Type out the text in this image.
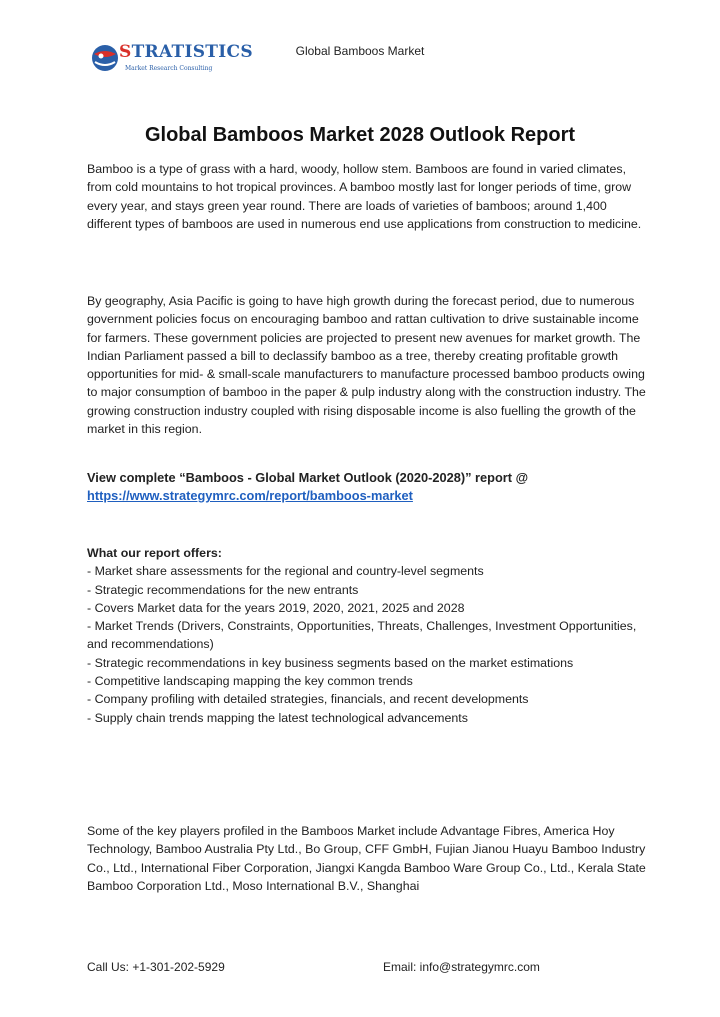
Global Bamboos Market
STRATISTICS
Market Research Consulting
Global Bamboos Market 2028 Outlook Report

Bamboo is a type of grass with a hard, woody, hollow stem. Bamboos are found in varied climates, from cold mountains to hot tropical provinces. A bamboo mostly last for longer periods of time, grow every year, and stays green year round. There are loads of varieties of bamboos; around 1,400 different types of bamboos are used in numerous end use applications from construction to medicine.

By geography, Asia Pacific is going to have high growth during the forecast period, due to numerous government policies focus on encouraging bamboo and rattan cultivation to drive sustainable income for farmers. These government policies are projected to present new avenues for market growth. The Indian Parliament passed a bill to declassify bamboo as a tree, thereby creating profitable growth opportunities for mid- & small-scale manufacturers to manufacture processed bamboo products owing to major consumption of bamboo in the paper & pulp industry along with the construction industry. The growing construction industry coupled with rising disposable income is also fuelling the growth of the market in this region.

View complete “Bamboos - Global Market Outlook (2020-2028)” report @

https://www.strategymrc.com/report/bamboos-market

What our report offers:

- Market share assessments for the regional and country-level segments

- Strategic recommendations for the new entrants

- Covers Market data for the years 2019, 2020, 2021, 2025 and 2028

- Market Trends (Drivers, Constraints, Opportunities, Threats, Challenges, Investment Opportunities, and recommendations)

- Strategic recommendations in key business segments based on the market estimations

- Competitive landscaping mapping the key common trends

- Company profiling with detailed strategies, financials, and recent developments

- Supply chain trends mapping the latest technological advancements

Some of the key players profiled in the Bamboos Market include Advantage Fibres, America Hoy Technology, Bamboo Australia Pty Ltd., Bo Group, CFF GmbH, Fujian Jianou Huayu Bamboo Industry Co., Ltd., International Fiber Corporation, Jiangxi Kangda Bamboo Ware Group Co., Ltd., Kerala State Bamboo Corporation Ltd., Moso International B.V., Shanghai

Call Us: +1-301-202-5929	Email: info@strategymrc.com
